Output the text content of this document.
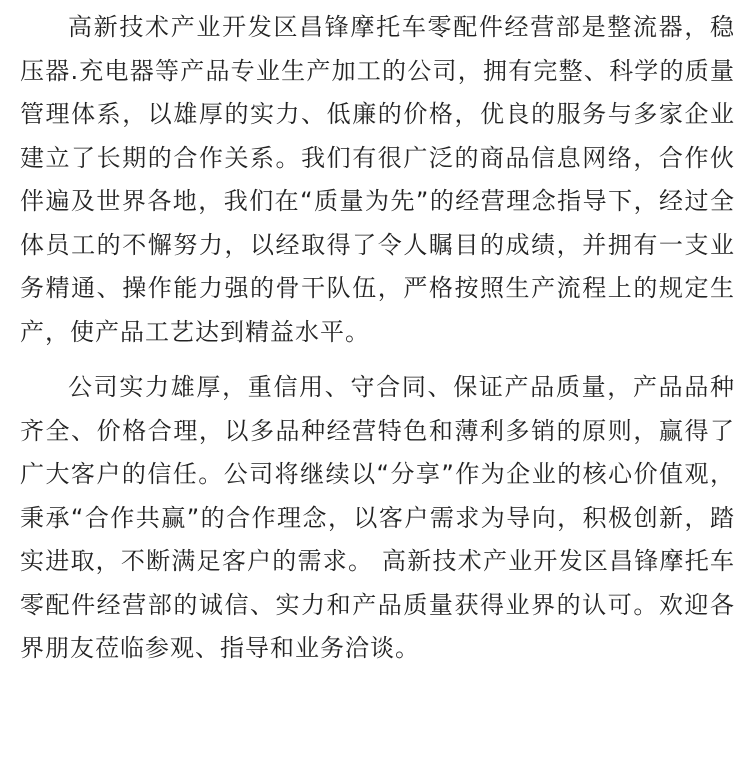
高新技术产业开发区昌锋摩托车零配件经营部是整流器，稳压器.充电器等产品专业生产加工的公司，拥有完整、科学的质量管理体系，以雄厚的实力、低廉的价格，优良的服务与多家企业建立了长期的合作关系。我们有很广泛的商品信息网络，合作伙伴遍及世界各地，我们在“质量为先”的经营理念指导下，经过全体员工的不懈努力，以经取得了令人瞩目的成绩，并拥有一支业务精通、操作能力强的骨干队伍，严格按照生产流程上的规定生产，使产品工艺达到精益水平。

公司实力雄厚，重信用、守合同、保证产品质量，产品品种齐全、价格合理，以多品种经营特色和薄利多销的原则，赢得了广大客户的信任。公司将继续以“分享”作为企业的核心价值观，秉承“合作共赢”的合作理念，以客户需求为导向，积极创新，踏实进取，不断满足客户的需求。 高新技术产业开发区昌锋摩托车零配件经营部的诚信、实力和产品质量获得业界的认可。欢迎各界朋友莅临参观、指导和业务洽谈。
